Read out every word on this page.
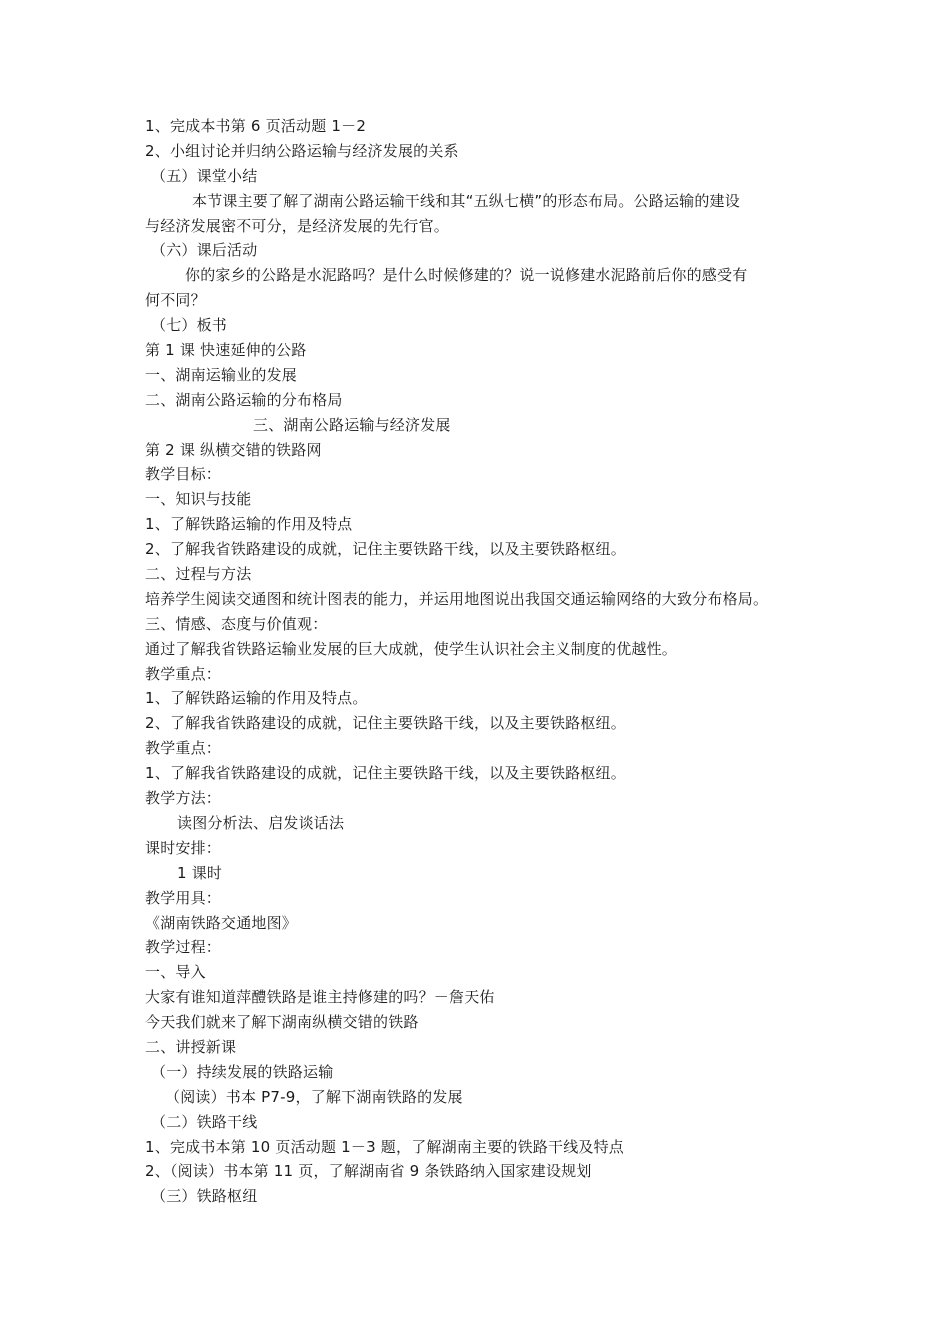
1、完成本书第 6 页活动题 1－2
2、小组讨论并归纳公路运输与经济发展的关系
（五）课堂小结
本节课主要了解了湖南公路运输干线和其“五纵七横”的形态布局。公路运输的建设
与经济发展密不可分，是经济发展的先行官。
（六）课后活动
你的家乡的公路是水泥路吗？是什么时候修建的？说一说修建水泥路前后你的感受有
何不同？
（七）板书
第 1 课 快速延伸的公路
一、湖南运输业的发展
二、湖南公路运输的分布格局
三、湖南公路运输与经济发展
第 2 课 纵横交错的铁路网
教学目标：
一、知识与技能
1、了解铁路运输的作用及特点
2、了解我省铁路建设的成就，记住主要铁路干线，以及主要铁路枢纽。
二、过程与方法
培养学生阅读交通图和统计图表的能力，并运用地图说出我国交通运输网络的大致分布格局。
三、情感、态度与价值观：
通过了解我省铁路运输业发展的巨大成就，使学生认识社会主义制度的优越性。
教学重点：
1、了解铁路运输的作用及特点。
2、了解我省铁路建设的成就，记住主要铁路干线，以及主要铁路枢纽。
教学重点：
1、了解我省铁路建设的成就，记住主要铁路干线，以及主要铁路枢纽。
教学方法：
读图分析法、启发谈话法
课时安排：
1 课时
教学用具：
《湖南铁路交通地图》
教学过程：
一、导入
大家有谁知道萍醴铁路是谁主持修建的吗？－詹天佑
今天我们就来了解下湖南纵横交错的铁路
二、讲授新课
（一）持续发展的铁路运输
（阅读）书本 P7-9，了解下湖南铁路的发展
（二）铁路干线
1、完成书本第 10 页活动题 1－3 题，了解湖南主要的铁路干线及特点
2、（阅读）书本第 11 页，了解湖南省 9 条铁路纳入国家建设规划
（三）铁路枢纽
